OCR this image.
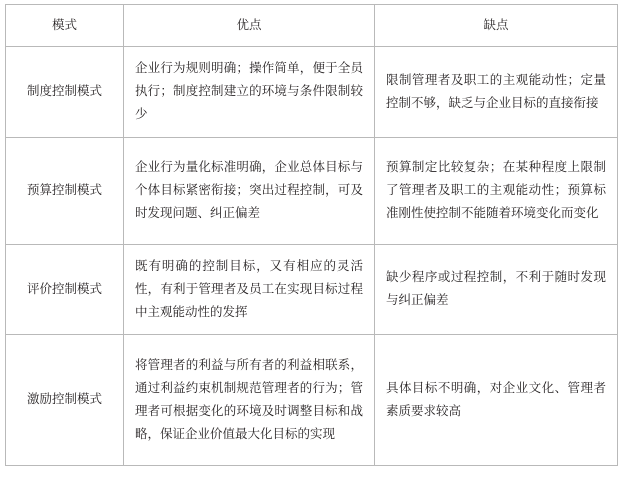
模式	优点	缺点
制度控制模式	企业行为规则明确；操作简单，便于全员执行；制度控制建立的环境与条件限制较少	限制管理者及职工的主观能动性；定量控制不够，缺乏与企业目标的直接衔接
预算控制模式	企业行为量化标准明确，企业总体目标与个体目标紧密衔接；突出过程控制，可及时发现问题、纠正偏差	预算制定比较复杂；在某种程度上限制了管理者及职工的主观能动性；预算标准刚性使控制不能随着环境变化而变化
评价控制模式	既有明确的控制目标，又有相应的灵活性，有利于管理者及员工在实现目标过程中主观能动性的发挥	缺少程序或过程控制，不利于随时发现与纠正偏差
激励控制模式	将管理者的利益与所有者的利益相联系，通过利益约束机制规范管理者的行为；管理者可根据变化的环境及时调整目标和战略，保证企业价值最大化目标的实现	具体目标不明确，对企业文化、管理者素质要求较高
